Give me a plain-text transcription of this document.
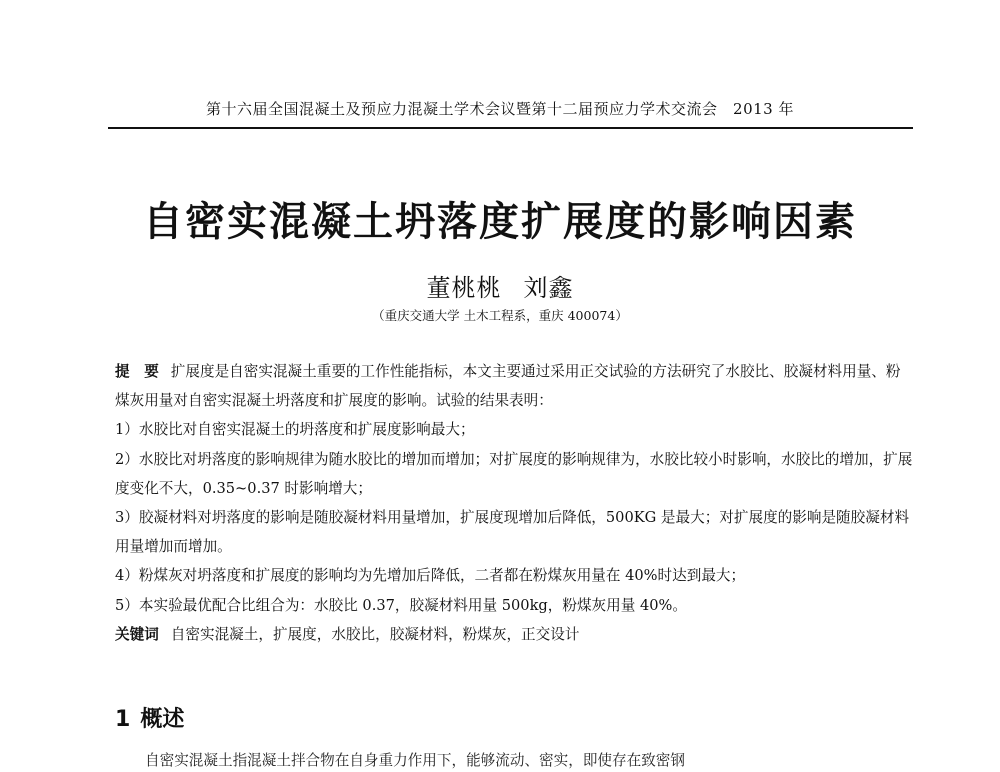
第十六届全国混凝土及预应力混凝土学术会议暨第十二届预应力学术交流会　2013 年
自密实混凝土坍落度扩展度的影响因素
董桃桃 刘鑫
（重庆交通大学 土木工程系，重庆 400074）

提　要 扩展度是自密实混凝土重要的工作性能指标，本文主要通过采用正交试验的方法研究了水胶比、胶凝材料用量、粉煤灰用量对自密实混凝土坍落度和扩展度的影响。试验的结果表明：

1）水胶比对自密实混凝土的坍落度和扩展度影响最大；

2）水胶比对坍落度的影响规律为随水胶比的增加而增加；对扩展度的影响规律为，水胶比较小时影响，水胶比的增加，扩展度变化不大，0.35~0.37 时影响增大；

3）胶凝材料对坍落度的影响是随胶凝材料用量增加，扩展度现增加后降低，500KG 是最大；对扩展度的影响是随胶凝材料用量增加而增加。

4）粉煤灰对坍落度和扩展度的影响均为先增加后降低，二者都在粉煤灰用量在 40%时达到最大；

5）本实验最优配合比组合为：水胶比 0.37，胶凝材料用量 500kg，粉煤灰用量 40%。

关键词 自密实混凝土，扩展度，水胶比，胶凝材料，粉煤灰，正交设计

1 概述
自密实混凝土指混凝土拌合物在自身重力作用下，能够流动、密实，即使存在致密钢
